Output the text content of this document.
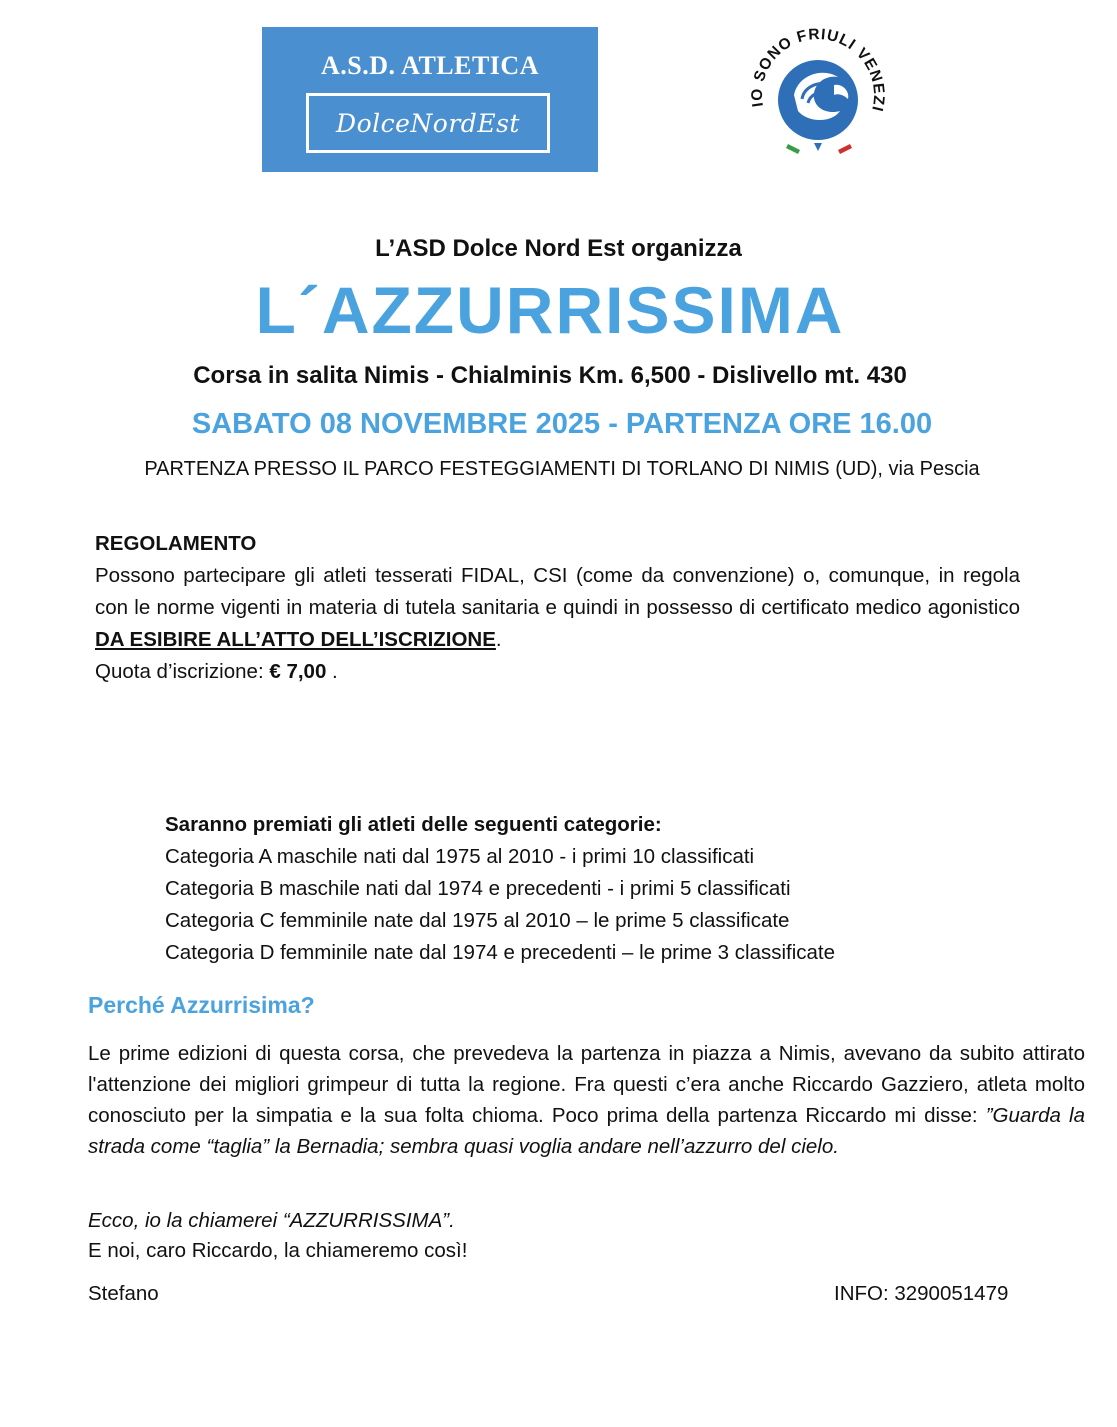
A.S.D. ATLETICA
DolceNordEst
IO SONO FRIULI VENEZI
L’ASD Dolce Nord Est organizza
L´AZZURRISSIMA
Corsa in salita Nimis - Chialminis Km. 6,500 - Dislivello mt. 430
SABATO 08 NOVEMBRE 2025 - PARTENZA ORE 16.00
PARTENZA PRESSO IL PARCO FESTEGGIAMENTI DI TORLANO DI NIMIS (UD), via Pescia
REGOLAMENTO
Possono partecipare gli atleti tesserati FIDAL, CSI (come da convenzione) o, comunque, in regola con le norme vigenti in materia di tutela sanitaria e quindi in possesso di certificato medico agonistico DA ESIBIRE ALL’ATTO DELL’ISCRIZIONE.
Quota d’iscrizione: € 7,00 .
Saranno premiati gli atleti delle seguenti categorie:
Categoria A maschile nati dal 1975 al 2010 - i primi 10 classificati
Categoria B maschile nati dal 1974 e precedenti - i primi 5 classificati
Categoria C femminile nate dal 1975 al 2010 – le prime 5 classificate
Categoria D femminile nate dal 1974 e precedenti – le prime 3 classificate
Perché Azzurrisima?
Le prime edizioni di questa corsa, che prevedeva la partenza in piazza a Nimis, avevano da subito attirato l'attenzione dei migliori grimpeur di tutta la regione. Fra questi c’era anche Riccardo Gazziero, atleta molto conosciuto per la simpatia e la sua folta chioma. Poco prima della partenza Riccardo mi disse: ”Guarda la strada come “taglia” la Bernadia; sembra quasi voglia andare nell’azzurro del cielo.
Ecco, io la chiamerei “AZZURRISSIMA”.
E noi, caro Riccardo, la chiameremo così!
Stefano	INFO: 3290051479
